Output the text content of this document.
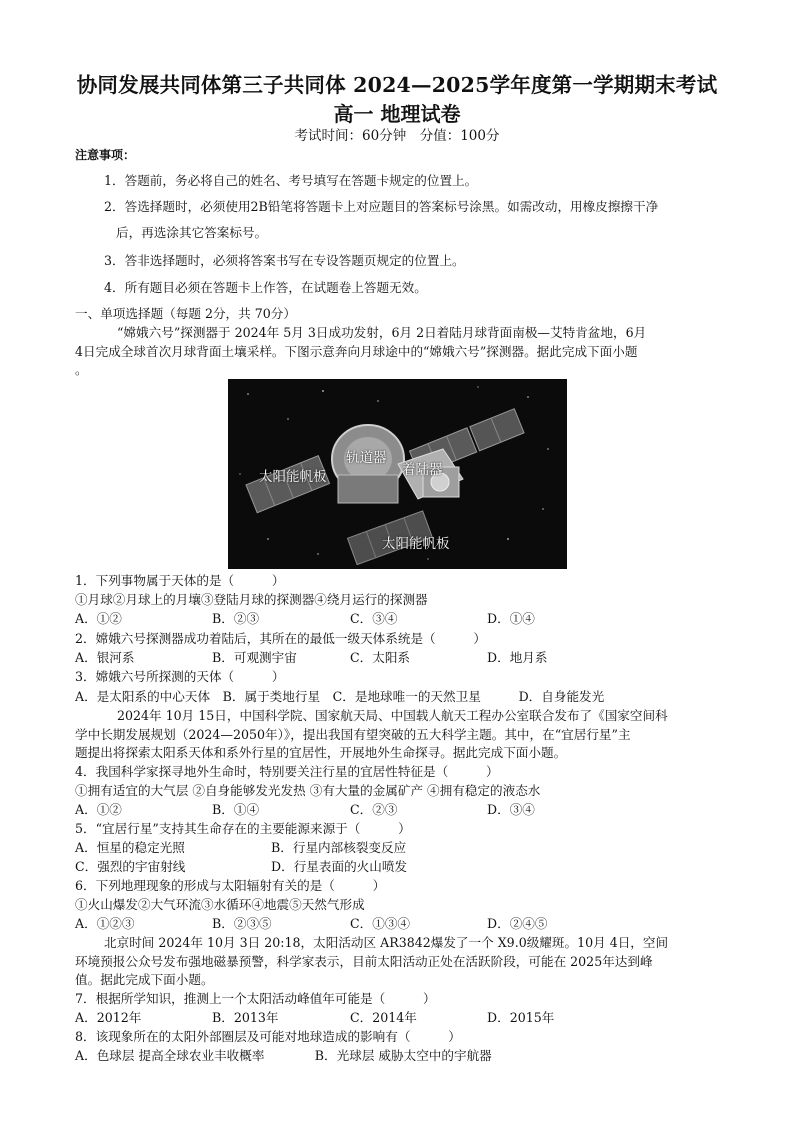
协同发展共同体第三子共同体 2024—2025学年度第一学期期末考试
高一 地理试卷
考试时间：60分钟　分值：100分
注意事项：
1．答题前，务必将自己的姓名、考号填写在答题卡规定的位置上。
2．答选择题时，必须使用2B铅笔将答题卡上对应题目的答案标号涂黑。如需改动，用橡皮擦擦干净
后，再选涂其它答案标号。
3．答非选择题时，必须将答案书写在专设答题页规定的位置上。
4．所有题目必须在答题卡上作答，在试题卷上答题无效。
一、单项选择题（每题 2分，共 70分）
“嫦娥六号”探测器于 2024年 5月 3日成功发射，6月 2日着陆月球背面南极—艾特肯盆地，6月
4日完成全球首次月球背面土壤采样。下图示意奔向月球途中的“嫦娥六号”探测器。据此完成下面小题
。
太阳能帆板
轨道器
着陆器
太阳能帆板
1．下列事物属于天体的是（　　　）
①月球②月球上的月壤③登陆月球的探测器④绕月运行的探测器
A．①②	B．②③	C．③④	D．①④
2．嫦娥六号探测器成功着陆后，其所在的最低一级天体系统是（　　　）
A．银河系	B．可观测宇宙	C．太阳系	D．地月系
3．嫦娥六号所探测的天体（　　　）
A．是太阳系的中心天体　B．属于类地行星　C．是地球唯一的天然卫星　　　D．自身能发光
2024年 10月 15日，中国科学院、国家航天局、中国载人航天工程办公室联合发布了《国家空间科
学中长期发展规划（2024—2050年）》，提出我国有望突破的五大科学主题。其中，在“宜居行星”主
题提出将探索太阳系天体和系外行星的宜居性，开展地外生命探寻。据此完成下面小题。
4．我国科学家探寻地外生命时，特别要关注行星的宜居性特征是（　　　）
①拥有适宜的大气层 ②自身能够发光发热 ③有大量的金属矿产 ④拥有稳定的液态水
A．①②	B．①④	C．②③	D．③④
5．“宜居行星”支持其生命存在的主要能源来源于（　　　）
A．恒星的稳定光照	B．行星内部核裂变反应
C．强烈的宇宙射线	D．行星表面的火山喷发
6．下列地理现象的形成与太阳辐射有关的是（　　　）
①火山爆发②大气环流③水循环④地震⑤天然气形成
A．①②③	B．②③⑤	C．①③④	D．②④⑤
北京时间 2024年 10月 3日 20:18，太阳活动区 AR3842爆发了一个 X9.0级耀斑。10月 4日，空间
环境预报公众号发布强地磁暴预警，科学家表示，目前太阳活动正处在活跃阶段，可能在 2025年达到峰
值。据此完成下面小题。
7．根据所学知识，推测上一个太阳活动峰值年可能是（　　　）
A．2012年	B．2013年	C．2014年	D．2015年
8．该现象所在的太阳外部圈层及可能对地球造成的影响有（　　　）
A．色球层 提高全球农业丰收概率　　　　B．光球层 威胁太空中的宇航器
